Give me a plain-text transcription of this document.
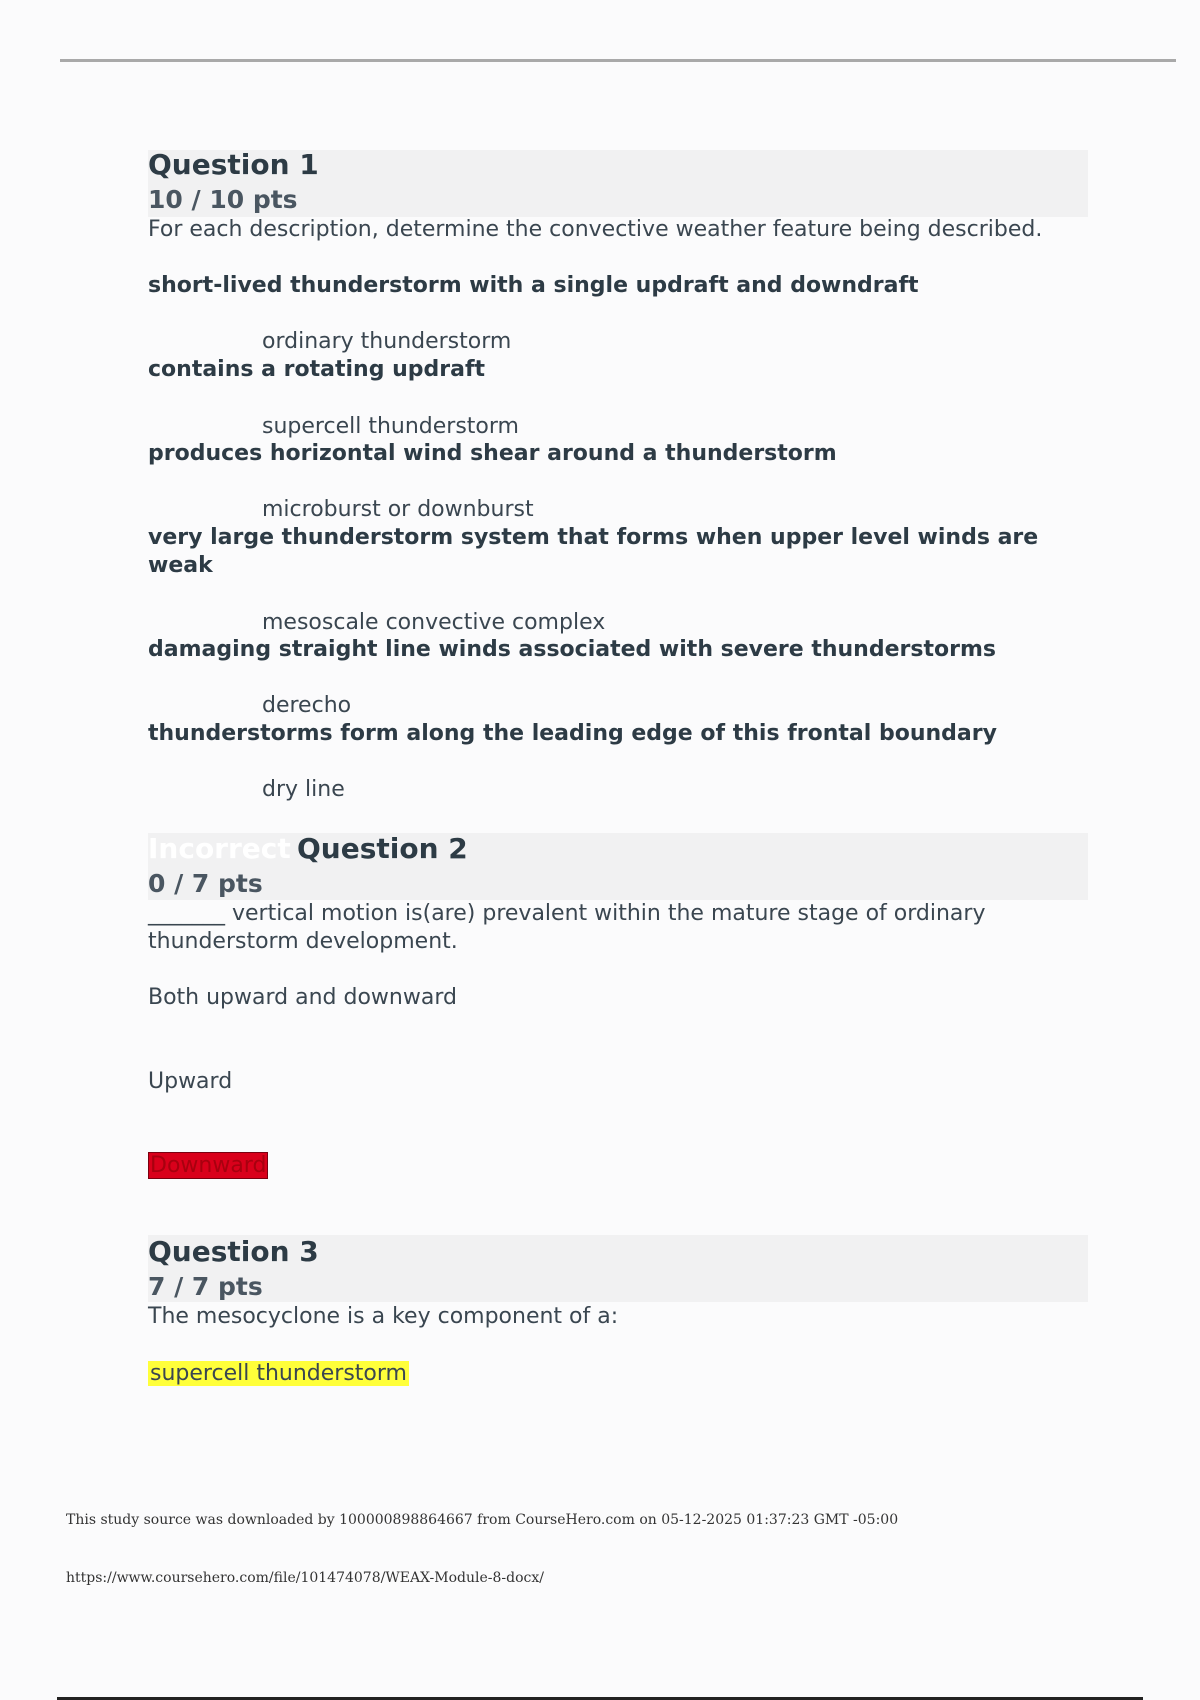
Question 1
10 / 10 pts
For each description, determine the convective weather feature being described.
short-lived thunderstorm with a single updraft and downdraft
ordinary thunderstorm
contains a rotating updraft
supercell thunderstorm
produces horizontal wind shear around a thunderstorm
microburst or downburst
very large thunderstorm system that forms when upper level winds are weak
mesoscale convective complex
damaging straight line winds associated with severe thunderstorms
derecho
thunderstorms form along the leading edge of this frontal boundary
dry line
Incorrect Question 2
0 / 7 pts
_______ vertical motion is(are) prevalent within the mature stage of ordinary thunderstorm development.
Both upward and downward
Upward
Downward
Question 3
7 / 7 pts
The mesocyclone is a key component of a:
supercell thunderstorm
This study source was downloaded by 100000898864667 from CourseHero.com on 05-12-2025 01:37:23 GMT -05:00
https://www.coursehero.com/file/101474078/WEAX-Module-8-docx/
